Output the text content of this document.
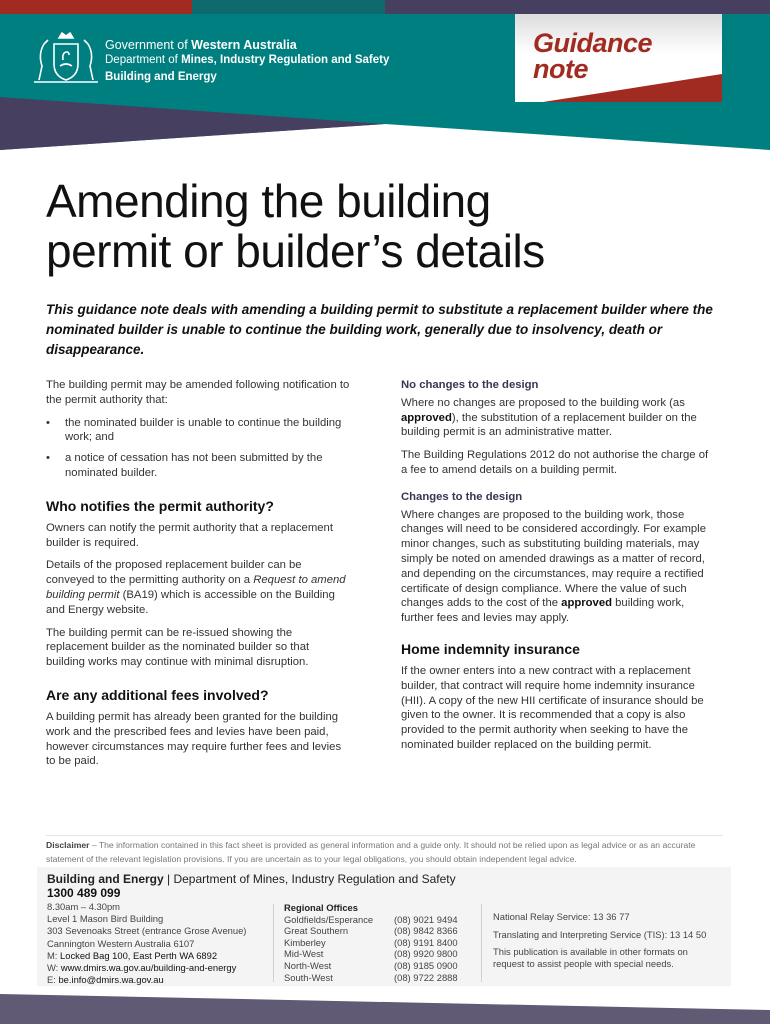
Government of Western Australia
Department of Mines, Industry Regulation and Safety
Building and Energy
Guidance
note
Amending the building
permit or builder’s details

This guidance note deals with amending a building permit to substitute a replacement builder where the nominated builder is unable to continue the building work, generally due to insolvency, death or disappearance.

The building permit may be amended following notification to the permit authority that:

• the nominated builder is unable to continue the building work; and
• a notice of cessation has not been submitted by the nominated builder.
Who notifies the permit authority?

Owners can notify the permit authority that a replacement builder is required.

Details of the proposed replacement builder can be conveyed to the permitting authority on a Request to amend building permit (BA19) which is accessible on the Building and Energy website.

The building permit can be re-issued showing the replacement builder as the nominated builder so that building works may continue with minimal disruption.

Are any additional fees involved?

A building permit has already been granted for the building work and the prescribed fees and levies have been paid, however circumstances may require further fees and levies to be paid.

No changes to the design

Where no changes are proposed to the building work (as approved), the substitution of a replacement builder on the building permit is an administrative matter.

The Building Regulations 2012 do not authorise the charge of a fee to amend details on a building permit.

Changes to the design

Where changes are proposed to the building work, those changes will need to be considered accordingly. For example minor changes, such as substituting building materials, may simply be noted on amended drawings as a matter of record, and depending on the circumstances, may require a rectified certificate of design compliance. Where the value of such changes adds to the cost of the approved building work, further fees and levies may apply.

Home indemnity insurance

If the owner enters into a new contract with a replacement builder, that contract will require home indemnity insurance (HII). A copy of the new HII certificate of insurance should be given to the owner. It is recommended that a copy is also provided to the permit authority when seeking to have the nominated builder replaced on the building permit.

Disclaimer – The information contained in this fact sheet is provided as general information and a guide only. It should not be relied upon as legal advice or as an accurate statement of the relevant legislation provisions. If you are uncertain as to your legal obligations, you should obtain independent legal advice.

Building and Energy | Department of Mines, Industry Regulation and Safety
1300 489 099
8.30am – 4.30pm
Level 1 Mason Bird Building
303 Sevenoaks Street (entrance Grose Avenue)
Cannington Western Australia 6107
M: Locked Bag 100, East Perth WA 6892
W: www.dmirs.wa.gov.au/building-and-energy
E: be.info@dmirs.wa.gov.au
Regional Offices
Goldfields/Esperance	(08) 9021 9494
Great Southern	(08) 9842 8366
Kimberley	(08) 9191 8400
Mid-West	(08) 9920 9800
North-West	(08) 9185 0900
South-West	(08) 9722 2888
National Relay Service: 13 36 77
Translating and Interpreting Service (TIS): 13 14 50
This publication is available in other formats on request to assist people with special needs.
